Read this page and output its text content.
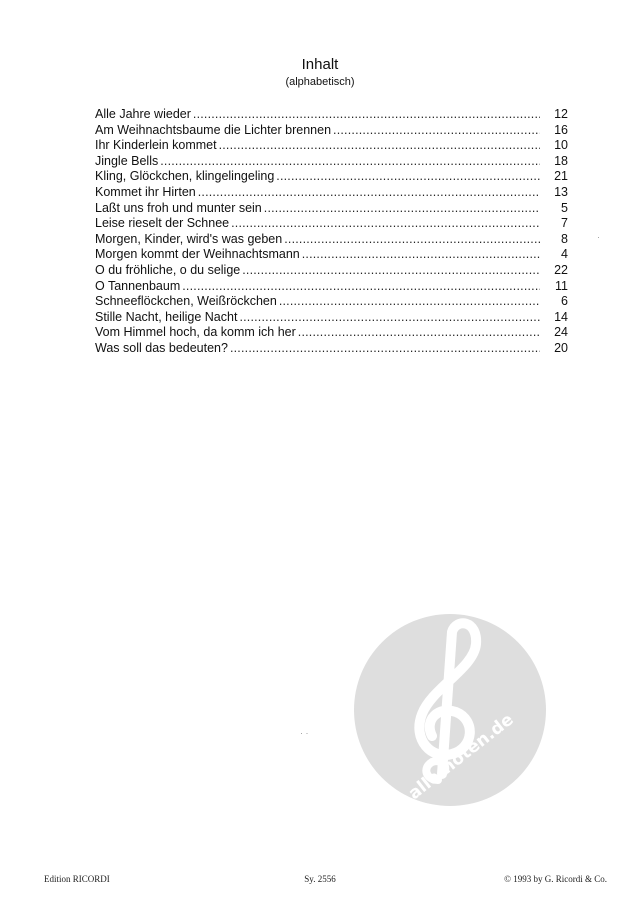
Inhalt
(alphabetisch)
Alle Jahre wieder .....	12
Am Weihnachtsbaume die Lichter brennen .....	16
Ihr Kinderlein kommet .....	10
Jingle Bells .....	18
Kling, Glöckchen, klingelingeling .....	21
Kommet ihr Hirten .....	13
Laßt uns froh und munter sein .....	5
Leise rieselt der Schnee .....	7
Morgen, Kinder, wird's was geben .....	8
Morgen kommt der Weihnachtsmann .....	4
O du fröhliche, o du selige .....	22
O Tannenbaum .....	11
Schneeflöckchen, Weißröckchen .....	6
Stille Nacht, heilige Nacht .....	14
Vom Himmel hoch, da komm ich her .....	24
Was soll das bedeuten? .....	20
·
· ·	alle-noten.de
Edition RICORDI	Sy. 2556	© 1993 by G. Ricordi & Co.
